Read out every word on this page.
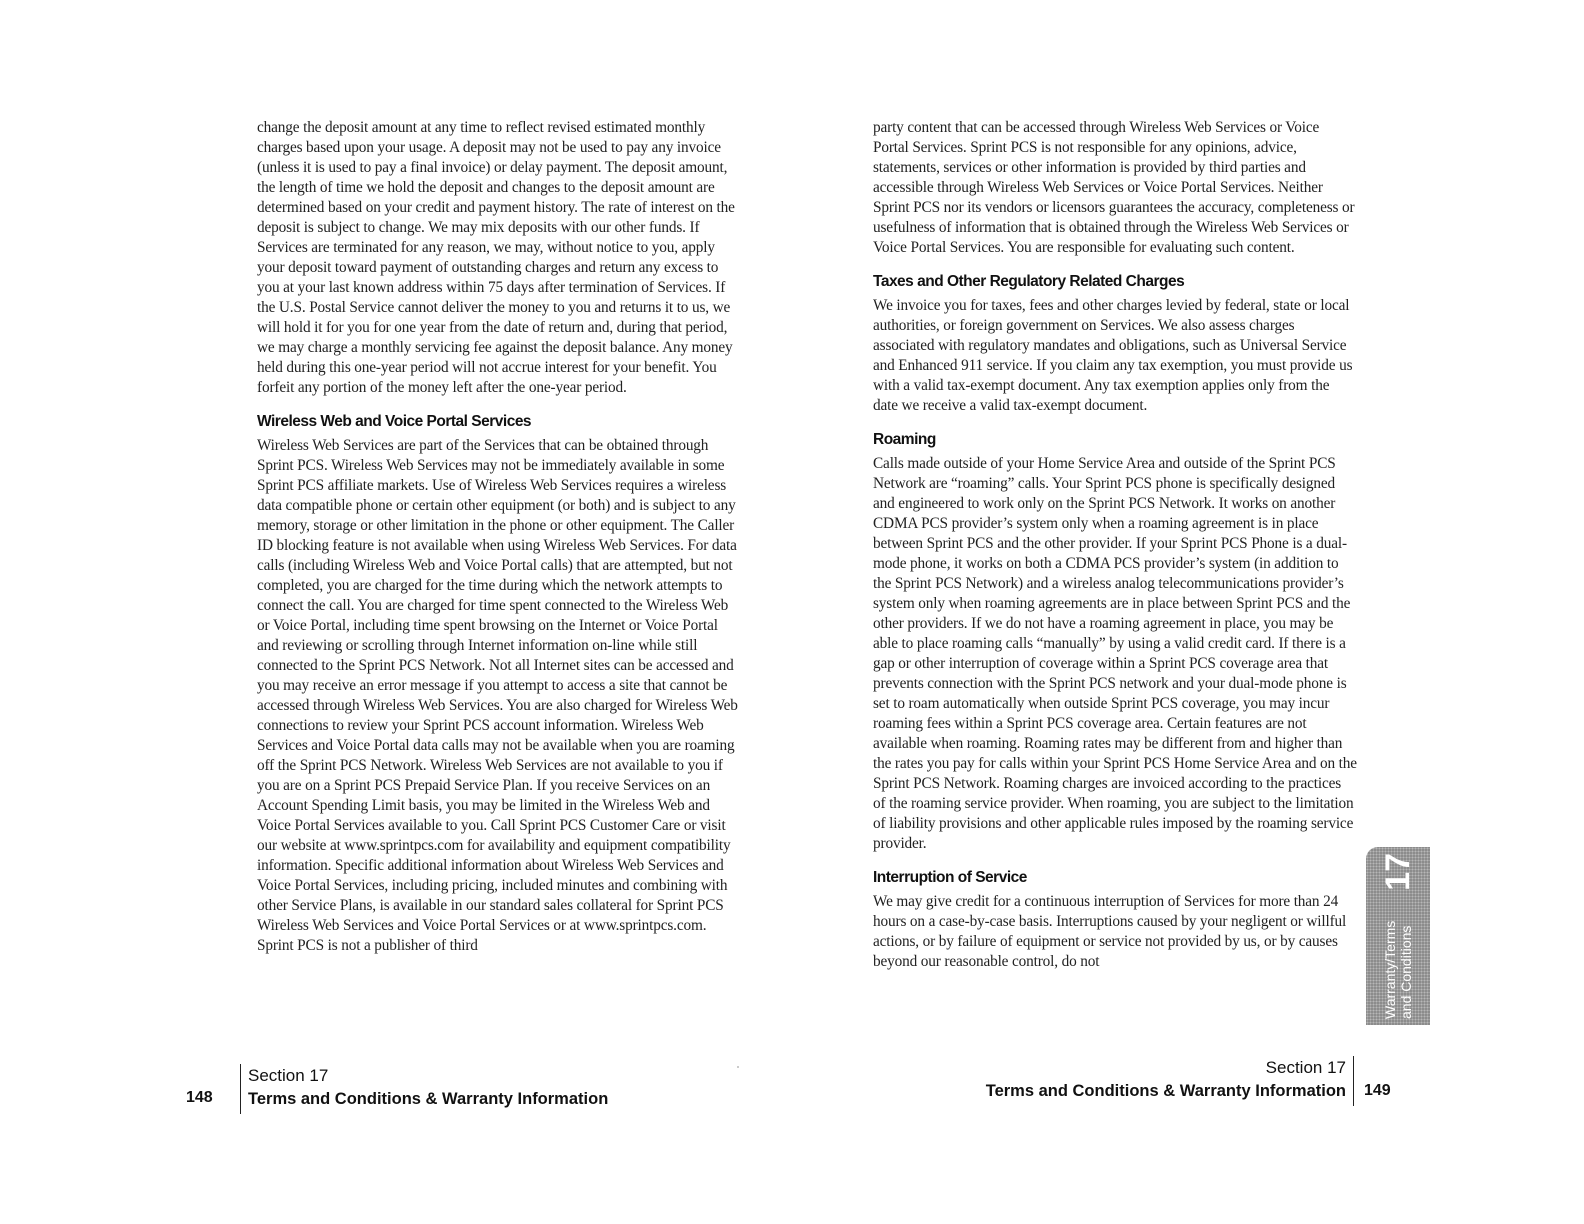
change the deposit amount at any time to reflect revised estimated monthly charges based upon your usage. A deposit may not be used to pay any invoice (unless it is used to pay a final invoice) or delay payment. The deposit amount, the length of time we hold the deposit and changes to the deposit amount are determined based on your credit and payment history. The rate of interest on the deposit is subject to change. We may mix deposits with our other funds. If Services are terminated for any reason, we may, without notice to you, apply your deposit toward payment of outstanding charges and return any excess to you at your last known address within 75 days after termination of Services. If the U.S. Postal Service cannot deliver the money to you and returns it to us, we will hold it for you for one year from the date of return and, during that period, we may charge a monthly servicing fee against the deposit balance. Any money held during this one-year period will not accrue interest for your benefit. You forfeit any portion of the money left after the one-year period.

Wireless Web and Voice Portal Services

Wireless Web Services are part of the Services that can be obtained through Sprint PCS. Wireless Web Services may not be immediately available in some Sprint PCS affiliate markets. Use of Wireless Web Services requires a wireless data compatible phone or certain other equipment (or both) and is subject to any memory, storage or other limitation in the phone or other equipment. The Caller ID blocking feature is not available when using Wireless Web Services. For data calls (including Wireless Web and Voice Portal calls) that are attempted, but not completed, you are charged for the time during which the network attempts to connect the call. You are charged for time spent connected to the Wireless Web or Voice Portal, including time spent browsing on the Internet or Voice Portal and reviewing or scrolling through Internet information on-line while still connected to the Sprint PCS Network. Not all Internet sites can be accessed and you may receive an error message if you attempt to access a site that cannot be accessed through Wireless Web Services. You are also charged for Wireless Web connections to review your Sprint PCS account information. Wireless Web Services and Voice Portal data calls may not be available when you are roaming off the Sprint PCS Network. Wireless Web Services are not available to you if you are on a Sprint PCS Prepaid Service Plan. If you receive Services on an Account Spending Limit basis, you may be limited in the Wireless Web and Voice Portal Services available to you. Call Sprint PCS Customer Care or visit our website at www.sprintpcs.com for availability and equipment compatibility information. Specific additional information about Wireless Web Services and Voice Portal Services, including pricing, included minutes and combining with other Service Plans, is available in our standard sales collateral for Sprint PCS Wireless Web Services and Voice Portal Services or at www.sprintpcs.com. Sprint PCS is not a publisher of third

Section 17
Terms and Conditions & Warranty Information
148

party content that can be accessed through Wireless Web Services or Voice Portal Services. Sprint PCS is not responsible for any opinions, advice, statements, services or other information is provided by third parties and accessible through Wireless Web Services or Voice Portal Services. Neither Sprint PCS nor its vendors or licensors guarantees the accuracy, completeness or usefulness of information that is obtained through the Wireless Web Services or Voice Portal Services. You are responsible for evaluating such content.

Taxes and Other Regulatory Related Charges

We invoice you for taxes, fees and other charges levied by federal, state or local authorities, or foreign government on Services. We also assess charges associated with regulatory mandates and obligations, such as Universal Service and Enhanced 911 service. If you claim any tax exemption, you must provide us with a valid tax-exempt document. Any tax exemption applies only from the date we receive a valid tax-exempt document.

Roaming

Calls made outside of your Home Service Area and outside of the Sprint PCS Network are “roaming” calls. Your Sprint PCS phone is specifically designed and engineered to work only on the Sprint PCS Network. It works on another CDMA PCS provider’s system only when a roaming agreement is in place between Sprint PCS and the other provider. If your Sprint PCS Phone is a dual-mode phone, it works on both a CDMA PCS provider’s system (in addition to the Sprint PCS Network) and a wireless analog telecommunications provider’s system only when roaming agreements are in place between Sprint PCS and the other providers. If we do not have a roaming agreement in place, you may be able to place roaming calls “manually” by using a valid credit card. If there is a gap or other interruption of coverage within a Sprint PCS coverage area that prevents connection with the Sprint PCS network and your dual-mode phone is set to roam automatically when outside Sprint PCS coverage, you may incur roaming fees within a Sprint PCS coverage area. Certain features are not available when roaming. Roaming rates may be different from and higher than the rates you pay for calls within your Sprint PCS Home Service Area and on the Sprint PCS Network. Roaming charges are invoiced according to the practices of the roaming service provider. When roaming, you are subject to the limitation of liability provisions and other applicable rules imposed by the roaming service provider.

Interruption of Service

We may give credit for a continuous interruption of Services for more than 24 hours on a case-by-case basis. Interruptions caused by your negligent or willful actions, or by failure of equipment or service not provided by us, or by causes beyond our reasonable control, do not	Warranty/Terms and Conditions
17
Section 17
Terms and Conditions & Warranty Information 149
